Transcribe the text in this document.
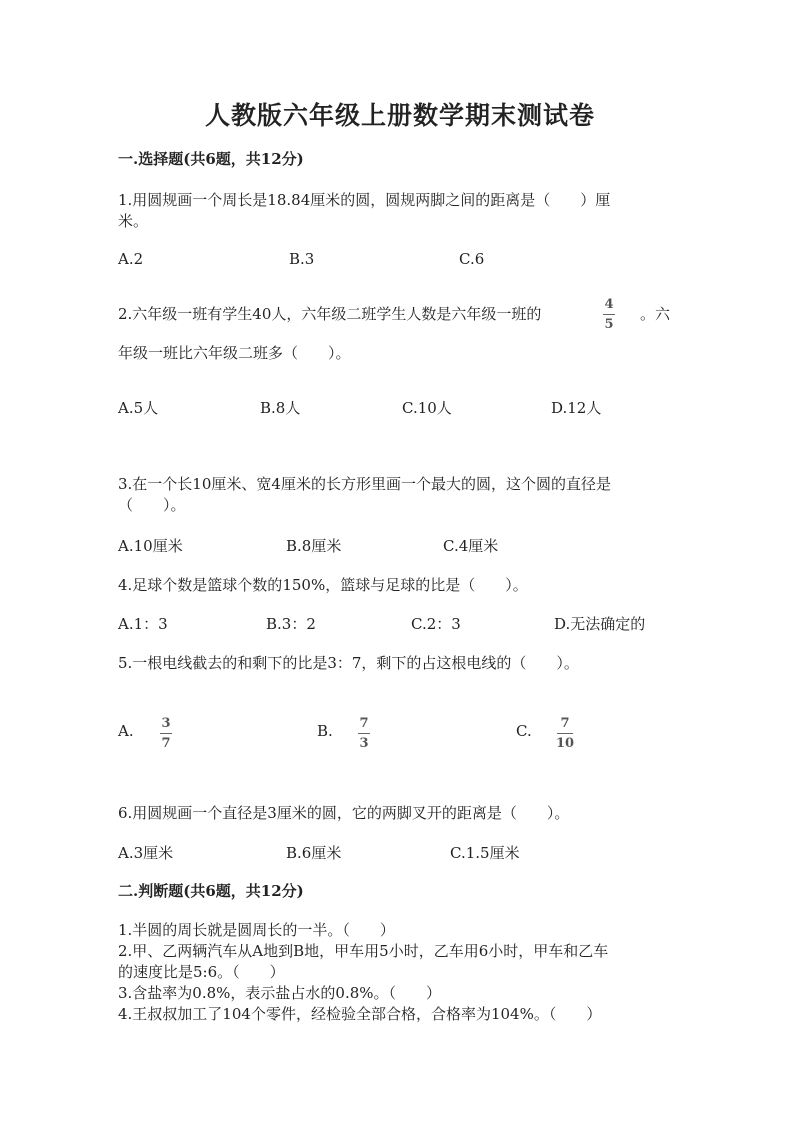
人教版六年级上册数学期末测试卷
一.选择题(共6题，共12分)
1.用圆规画一个周长是18.84厘米的圆，圆规两脚之间的距离是（　　）厘
米。
A.2	B.3	C.6
2.六年级一班有学生40人，六年级二班学生人数是六年级一班的
4
5
。六
年级一班比六年级二班多（　　）。
A.5人	B.8人	C.10人	D.12人
3.在一个长10厘米、宽4厘米的长方形里画一个最大的圆，这个圆的直径是
（　　）。
A.10厘米	B.8厘米	C.4厘米
4.足球个数是篮球个数的150%，篮球与足球的比是（　　）。
A.1：3	B.3：2	C.2：3	D.无法确定的
5.一根电线截去的和剩下的比是3：7，剩下的占这根电线的（　　）。
A. 3
7
B. 7
3
C. 7
10
6.用圆规画一个直径是3厘米的圆，它的两脚叉开的距离是（　　）。
A.3厘米	B.6厘米	C.1.5厘米
二.判断题(共6题，共12分)
1.半圆的周长就是圆周长的一半。（　　）
2.甲、乙两辆汽车从A地到B地，甲车用5小时，乙车用6小时，甲车和乙车
的速度比是5:6。（　　）
3.含盐率为0.8%，表示盐占水的0.8%。（　　）
4.王叔叔加工了104个零件，经检验全部合格，合格率为104%。（　　）
